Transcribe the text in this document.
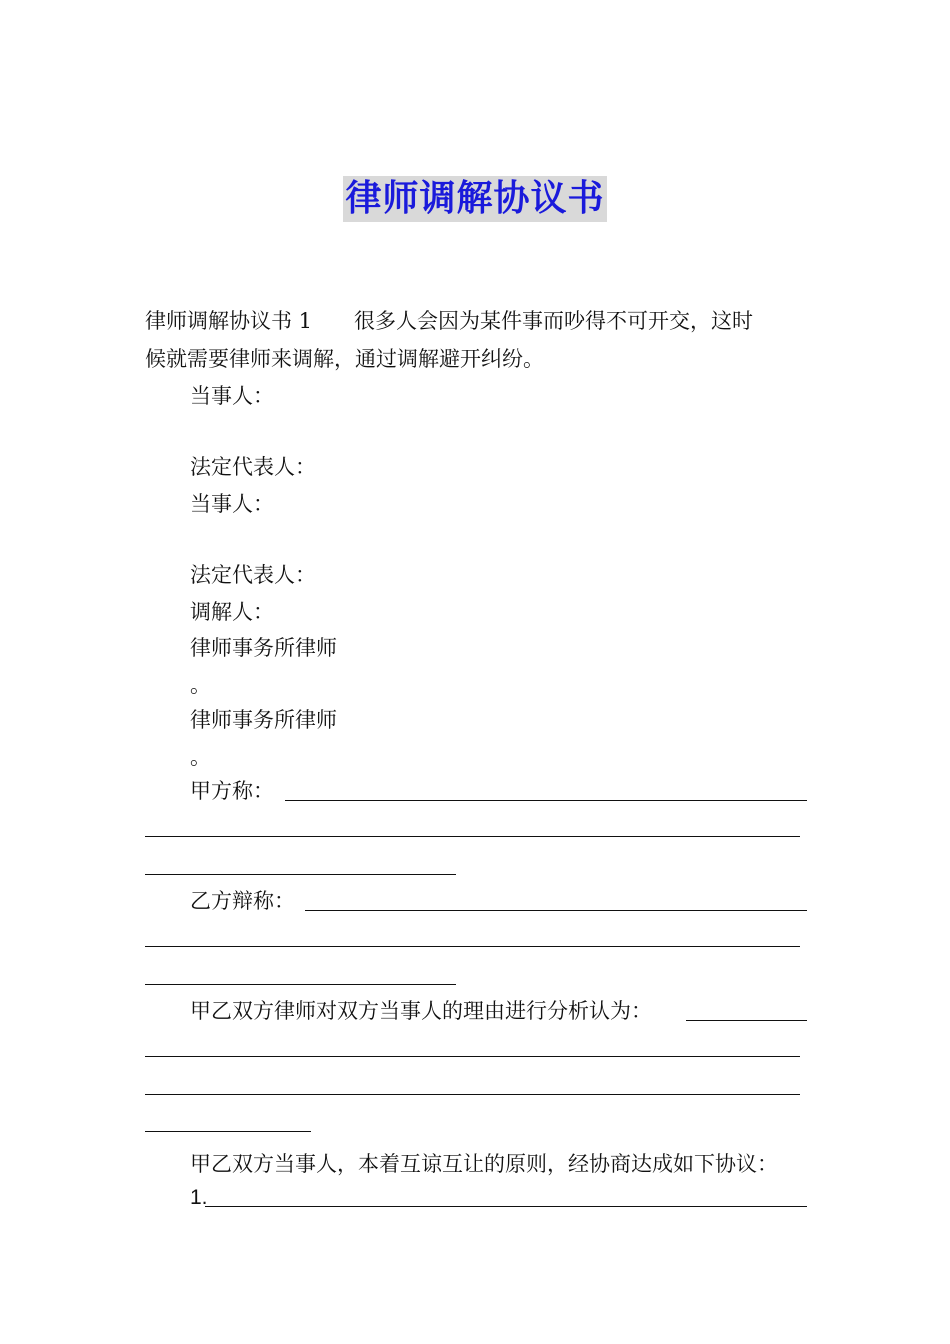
律师调解协议书
律师调解协议书 1 很多人会因为某件事而吵得不可开交，这时
候就需要律师来调解，通过调解避开纠纷。
当事人：
法定代表人：
当事人：
法定代表人：
调解人：
律师事务所律师
。
律师事务所律师
。
甲方称：
乙方辩称：
甲乙双方律师对双方当事人的理由进行分析认为：
甲乙双方当事人，本着互谅互让的原则，经协商达成如下协议：
1.
